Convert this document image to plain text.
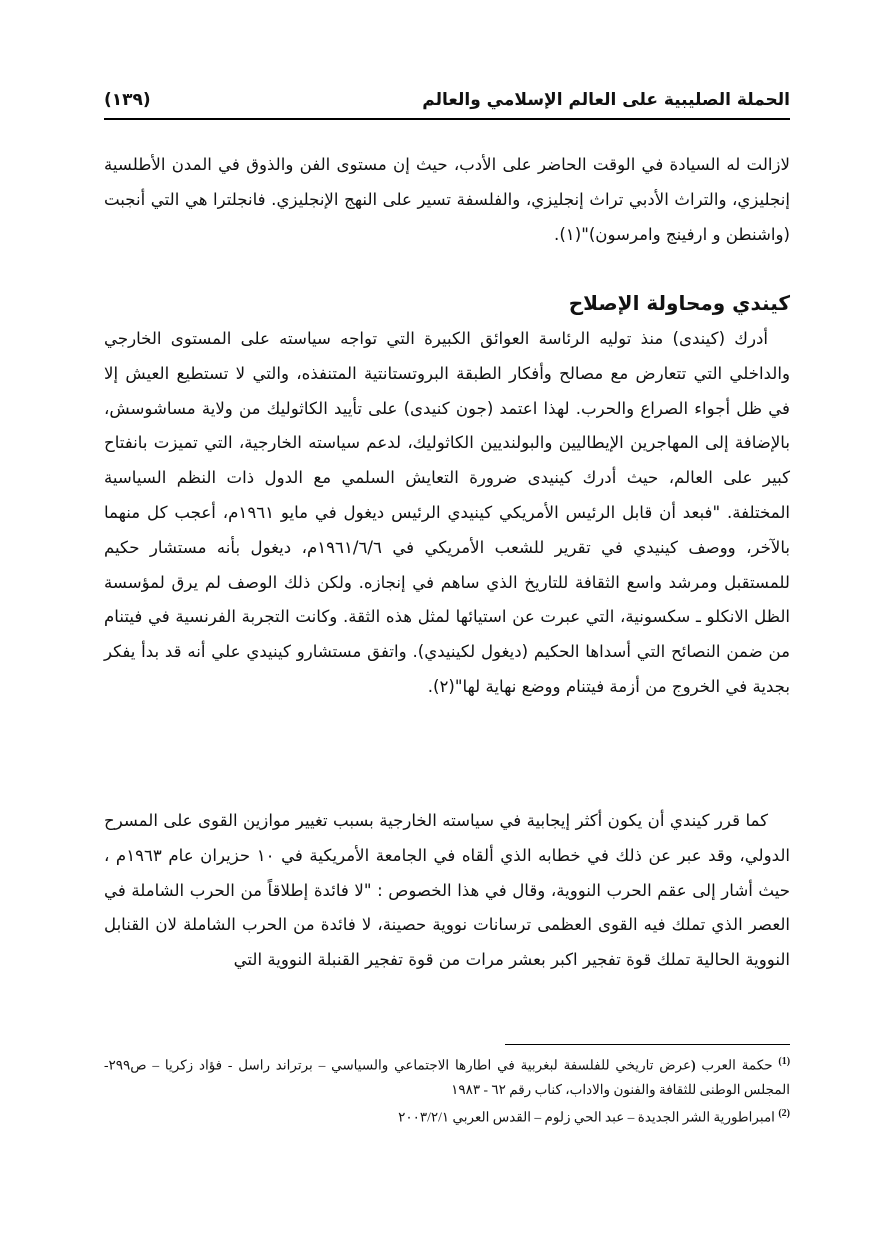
الحملة الصليبية على العالم الإسلامي والعالم
(١٣٩)

لازالت له السيادة في الوقت الحاضر على الأدب، حيث إن مستوى الفن والذوق في المدن الأطلسية إنجليزي، والتراث الأدبي تراث إنجليزي، والفلسفة تسير على النهج الإنجليزي. فانجلترا هي التي أنجبت (واشنطن و ارفينج وامرسون)"(١).

كيندي ومحاولة الإصلاح

أدرك (كيندى) منذ توليه الرئاسة العوائق الكبيرة التي تواجه سياسته على المستوى الخارجي والداخلي التي تتعارض مع مصالح وأفكار الطبقة البروتستانتية المتنفذه، والتي لا تستطيع العيش إلا في ظل أجواء الصراع والحرب. لهذا اعتمد (جون كنيدى) على تأييد الكاثوليك من ولاية مساشوسش، بالإضافة إلى المهاجرين الإيطاليين والبولنديين الكاثوليك، لدعم سياسته الخارجية، التي تميزت بانفتاح كبير على العالم، حيث أدرك كينيدى ضرورة التعايش السلمي مع الدول ذات النظم السياسية المختلفة. "فبعد أن قابل الرئيس الأمريكي كينيدي الرئيس ديغول في مايو ١٩٦١م، أعجب كل منهما بالآخر، ووصف كينيدي في تقرير للشعب الأمريكي في ١٩٦١/٦/٦م، ديغول بأنه مستشار حكيم للمستقبل ومرشد واسع الثقافة للتاريخ الذي ساهم في إنجازه. ولكن ذلك الوصف لم يرق لمؤسسة الظل الانكلو ـ سكسونية، التي عبرت عن استيائها لمثل هذه الثقة. وكانت التجربة الفرنسية في فيتنام من ضمن النصائح التي أسداها الحكيم (ديغول لكينيدي). واتفق مستشارو كينيدي علي أنه قد بدأ يفكر بجدية في الخروج من أزمة فيتنام ووضع نهاية لها"(٢).

كما قرر كيندي أن يكون أكثر إيجابية في سياسته الخارجية بسبب تغيير موازين القوى على المسرح الدولي، وقد عبر عن ذلك في خطابه الذي ألقاه في الجامعة الأمريكية في ١٠ حزيران عام ١٩٦٣م ، حيث أشار إلى عقم الحرب النووية، وقال في هذا الخصوص : "لا فائدة إطلاقاً من الحرب الشاملة في العصر الذي تملك فيه القوى العظمى ترسانات نووية حصينة، لا فائدة من الحرب الشاملة لان القنابل النووية الحالية تملك قوة تفجير اكبر بعشر مرات من قوة تفجير القنبلة النووية التي

$^{(1)}$ حكمة العرب (عرض تاريخي للفلسفة لبغربية في اطارها الاجتماعي والسياسي – برتراند راسل - فؤاد زكريا – ص٢٩٩- المجلس الوطنى للثقافة والفنون والاداب، كناب رقم ٦٢ - ١٩٨٣

$^{(2)}$ امبراطورية الشر الجديدة – عبد الحي زلوم – القدس العربي ٢٠٠٣/٢/١
